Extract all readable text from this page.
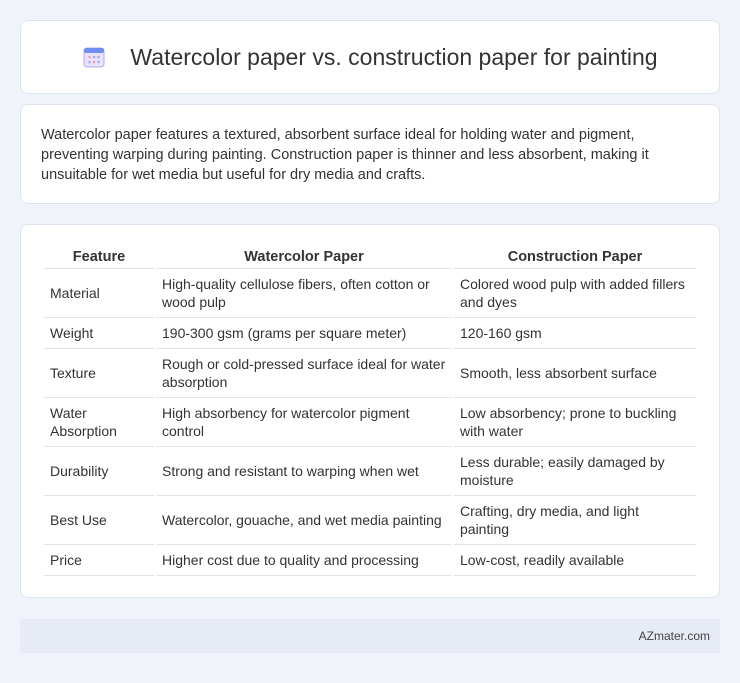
Watercolor paper vs. construction paper for painting

Watercolor paper features a textured, absorbent surface ideal for holding water and pigment, preventing warping during painting. Construction paper is thinner and less absorbent, making it unsuitable for wet media but useful for dry media and crafts.

Feature	Watercolor Paper	Construction Paper
Material	High-quality cellulose fibers, often cotton or wood pulp	Colored wood pulp with added fillers and dyes
Weight	190-300 gsm (grams per square meter)	120-160 gsm
Texture	Rough or cold-pressed surface ideal for water absorption	Smooth, less absorbent surface
Water Absorption	High absorbency for watercolor pigment control	Low absorbency; prone to buckling with water
Durability	Strong and resistant to warping when wet	Less durable; easily damaged by moisture
Best Use	Watercolor, gouache, and wet media painting	Crafting, dry media, and light painting
Price	Higher cost due to quality and processing	Low-cost, readily available
AZmater.com
